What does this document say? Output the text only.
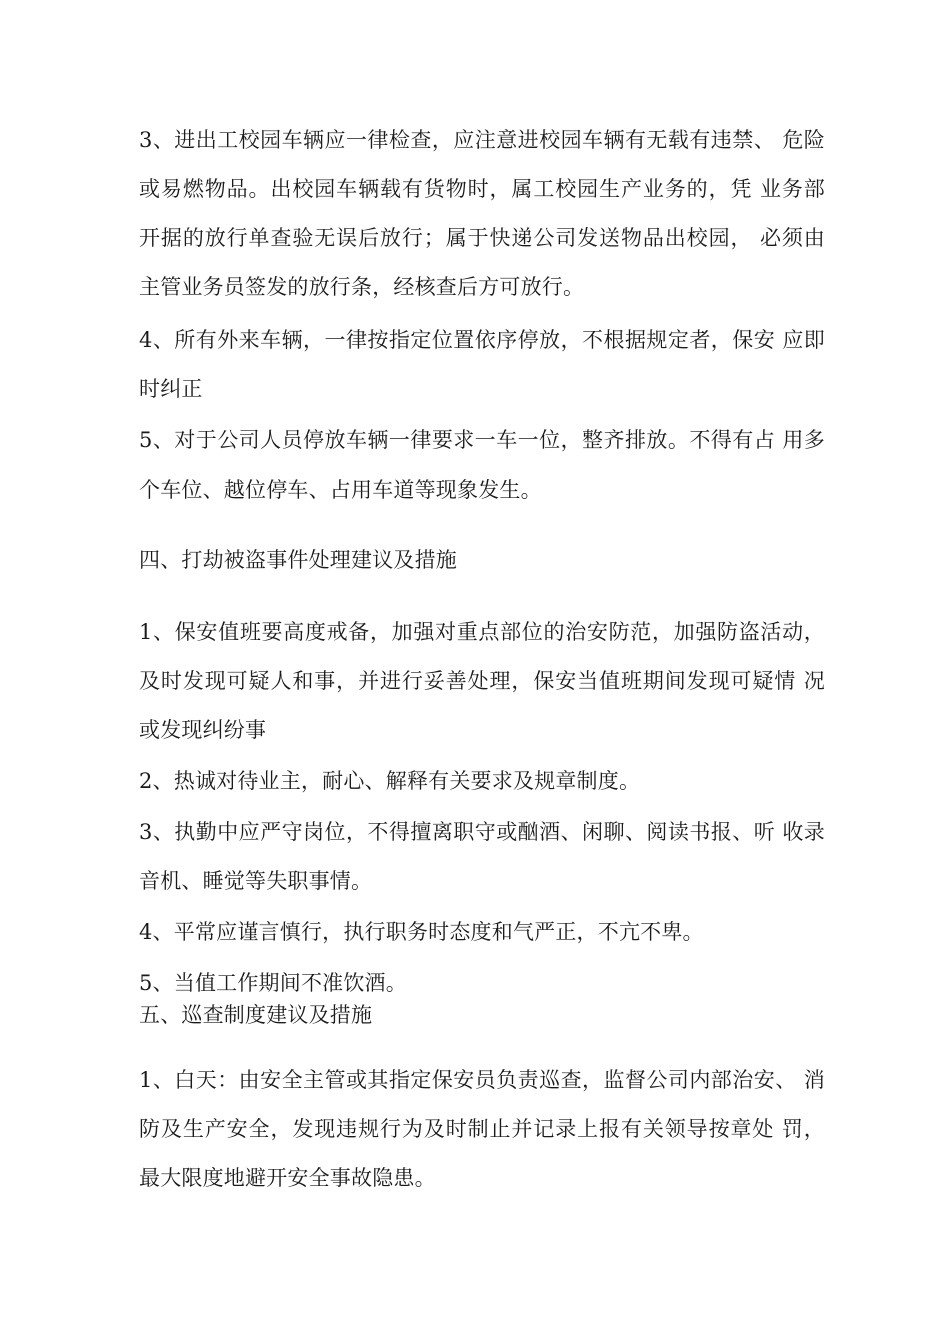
3、进出工校园车辆应一律检查，应注意进校园车辆有无载有违禁、 危险
或易燃物品。出校园车辆载有货物时，属工校园生产业务的，凭 业务部
开据的放行单查验无误后放行；属于快递公司发送物品出校园， 必须由
主管业务员签发的放行条，经核查后方可放行。
4、所有外来车辆，一律按指定位置依序停放，不根据规定者，保安 应即
时纠正
5、对于公司人员停放车辆一律要求一车一位，整齐排放。不得有占 用多
个车位、越位停车、占用车道等现象发生。
四、打劫被盗事件处理建议及措施
1、保安值班要高度戒备，加强对重点部位的治安防范，加强防盗活动，
及时发现可疑人和事，并进行妥善处理，保安当值班期间发现可疑情 况
或发现纠纷事
2、热诚对待业主，耐心、解释有关要求及规章制度。
3、执勤中应严守岗位，不得擅离职守或酗酒、闲聊、阅读书报、听 收录
音机、睡觉等失职事情。
4、平常应谨言慎行，执行职务时态度和气严正，不亢不卑。
5、当值工作期间不准饮酒。
五、巡查制度建议及措施
1、白天：由安全主管或其指定保安员负责巡查，监督公司内部治安、 消
防及生产安全，发现违规行为及时制止并记录上报有关领导按章处 罚，
最大限度地避开安全事故隐患。
